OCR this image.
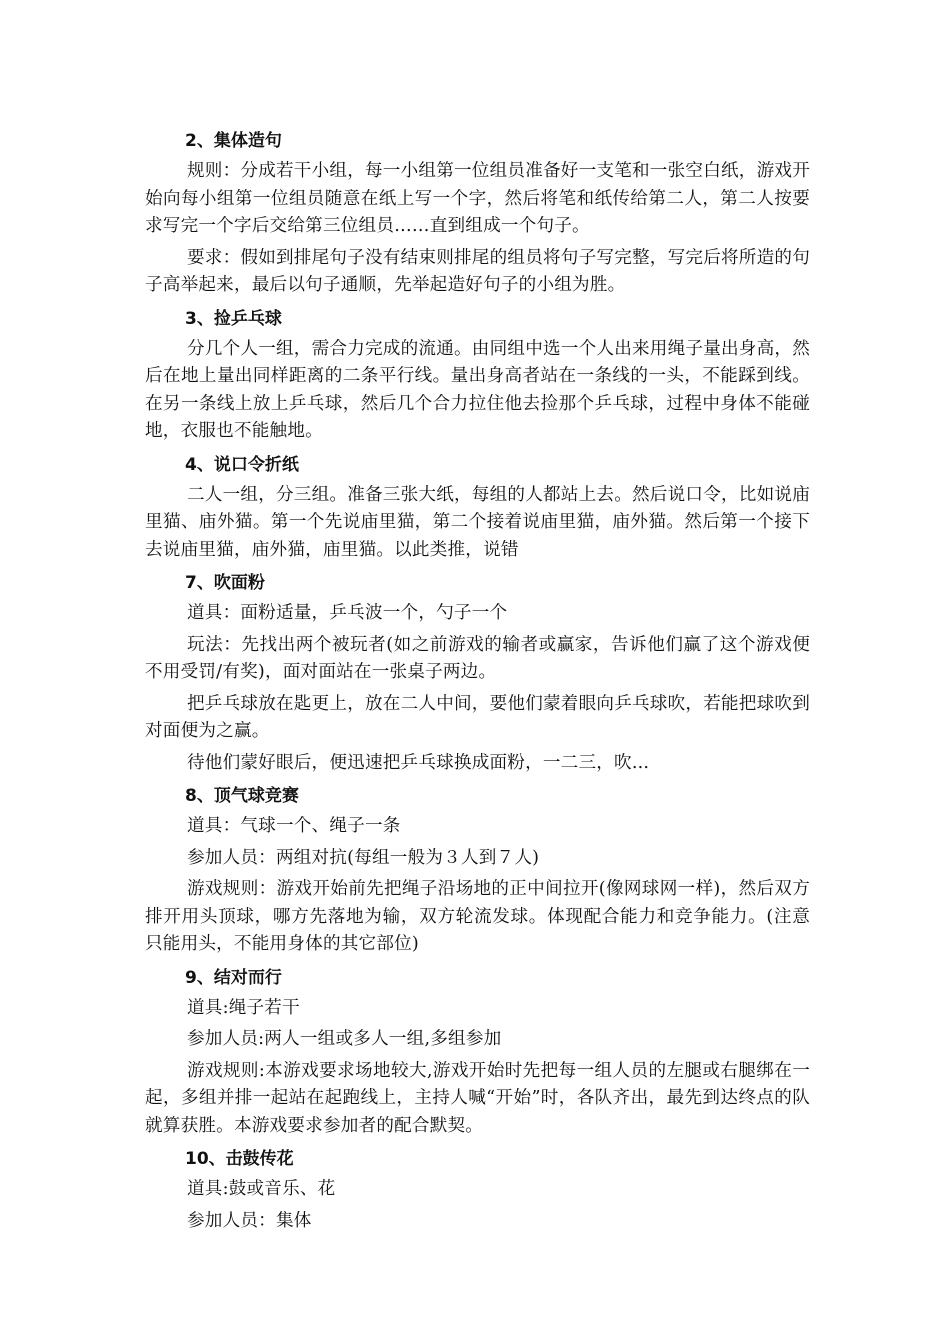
2、集体造句

规则：分成若干小组，每一小组第一位组员准备好一支笔和一张空白纸，游戏开始向每小组第一位组员随意在纸上写一个字，然后将笔和纸传给第二人，第二人按要求写完一个字后交给第三位组员……直到组成一个句子。

要求：假如到排尾句子没有结束则排尾的组员将句子写完整，写完后将所造的句子高举起来，最后以句子通顺，先举起造好句子的小组为胜。

3、捡乒乓球

分几个人一组，需合力完成的流通。由同组中选一个人出来用绳子量出身高，然后在地上量出同样距离的二条平行线。量出身高者站在一条线的一头，不能踩到线。在另一条线上放上乒乓球，然后几个合力拉住他去捡那个乒乓球，过程中身体不能碰地，衣服也不能触地。

4、说口令折纸

二人一组，分三组。准备三张大纸，每组的人都站上去。然后说口令，比如说庙里猫、庙外猫。第一个先说庙里猫，第二个接着说庙里猫，庙外猫。然后第一个接下去说庙里猫，庙外猫，庙里猫。以此类推，说错

7、吹面粉

道具：面粉适量，乒乓波一个，勺子一个

玩法：先找出两个被玩者(如之前游戏的输者或赢家，告诉他们赢了这个游戏便不用受罚/有奖)，面对面站在一张桌子两边。

把乒乓球放在匙更上，放在二人中间，要他们蒙着眼向乒乓球吹，若能把球吹到对面便为之赢。

待他们蒙好眼后，便迅速把乒乓球换成面粉，一二三，吹...

8、顶气球竞赛

道具：气球一个、绳子一条

参加人员：两组对抗(每组一般为３人到７人)

游戏规则：游戏开始前先把绳子沿场地的正中间拉开(像网球网一样)，然后双方排开用头顶球，哪方先落地为输，双方轮流发球。体现配合能力和竞争能力。(注意只能用头，不能用身体的其它部位)

9、结对而行

道具:绳子若干

参加人员:两人一组或多人一组,多组参加

游戏规则:本游戏要求场地较大,游戏开始时先把每一组人员的左腿或右腿绑在一起，多组并排一起站在起跑线上，主持人喊“开始”时，各队齐出，最先到达终点的队就算获胜。本游戏要求参加者的配合默契。

10、击鼓传花

道具:鼓或音乐、花

参加人员：集体
